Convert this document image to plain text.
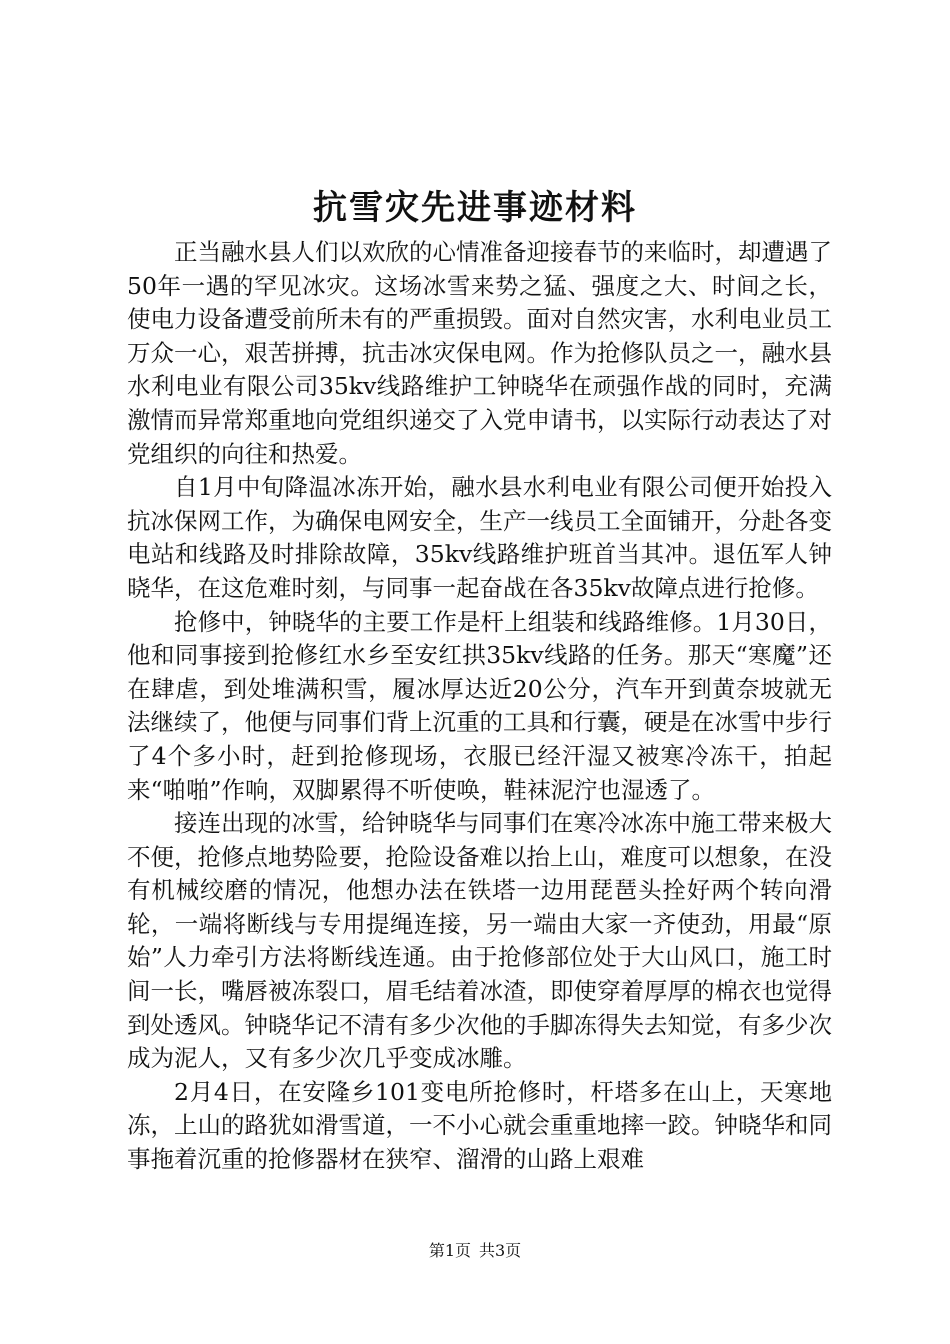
抗雪灾先进事迹材料

正当融水县人们以欢欣的心情准备迎接春节的来临时，却遭遇了50年一遇的罕见冰灾。这场冰雪来势之猛、强度之大、时间之长，使电力设备遭受前所未有的严重损毁。面对自然灾害，水利电业员工万众一心，艰苦拼搏，抗击冰灾保电网。作为抢修队员之一，融水县水利电业有限公司35kv线路维护工钟晓华在顽强作战的同时，充满激情而异常郑重地向党组织递交了入党申请书，以实际行动表达了对党组织的向往和热爱。

自1月中旬降温冰冻开始，融水县水利电业有限公司便开始投入抗冰保网工作，为确保电网安全，生产一线员工全面铺开，分赴各变电站和线路及时排除故障，35kv线路维护班首当其冲。退伍军人钟晓华，在这危难时刻，与同事一起奋战在各35kv故障点进行抢修。

抢修中，钟晓华的主要工作是杆上组装和线路维修。1月30日，他和同事接到抢修红水乡至安红拱35kv线路的任务。那天“寒魔”还在肆虐，到处堆满积雪，履冰厚达近20公分，汽车开到黄奈坡就无法继续了，他便与同事们背上沉重的工具和行囊，硬是在冰雪中步行了4个多小时，赶到抢修现场，衣服已经汗湿又被寒冷冻干，拍起来“啪啪”作响，双脚累得不听使唤，鞋袜泥泞也湿透了。

接连出现的冰雪，给钟晓华与同事们在寒冷冰冻中施工带来极大不便，抢修点地势险要，抢险设备难以抬上山，难度可以想象，在没有机械绞磨的情况，他想办法在铁塔一边用琵琶头拴好两个转向滑轮，一端将断线与专用提绳连接，另一端由大家一齐使劲，用最“原始”人力牵引方法将断线连通。由于抢修部位处于大山风口，施工时间一长，嘴唇被冻裂口，眉毛结着冰渣，即使穿着厚厚的棉衣也觉得到处透风。钟晓华记不清有多少次他的手脚冻得失去知觉，有多少次成为泥人，又有多少次几乎变成冰雕。

2月4日，在安隆乡101变电所抢修时，杆塔多在山上，天寒地冻，上山的路犹如滑雪道，一不小心就会重重地摔一跤。钟晓华和同事拖着沉重的抢修器材在狭窄、溜滑的山路上艰难

第1页 共3页
